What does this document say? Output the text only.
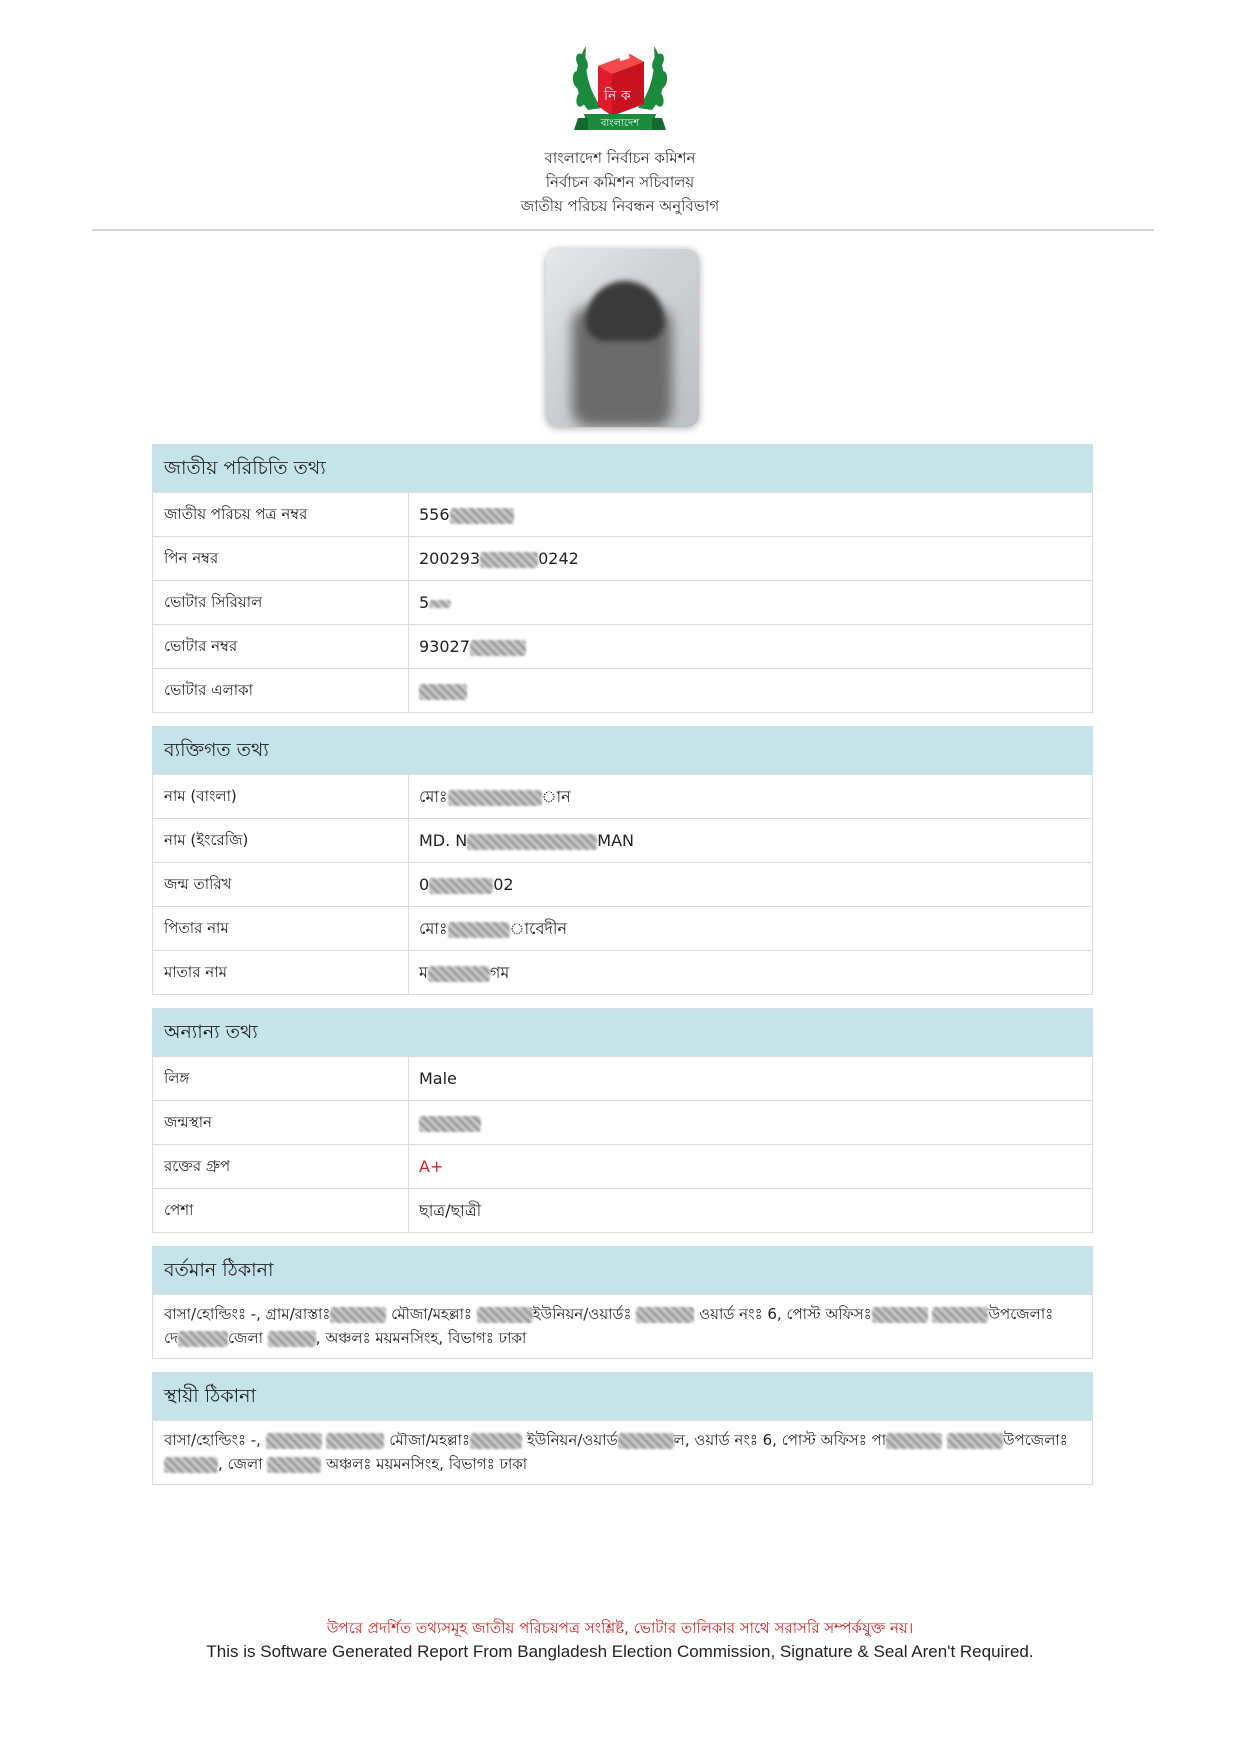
নি ক
বাংলাদেশ
বাংলাদেশ নির্বাচন কমিশন
নির্বাচন কমিশন সচিবালয়
জাতীয় পরিচয় নিবন্ধন অনুবিভাগ
জাতীয় পরিচিতি তথ্য
জাতীয় পরিচয় পত্র নম্বর	556
পিন নম্বর	200293	0242
ভোটার সিরিয়াল	5
ভোটার নম্বর	93027
ভোটার এলাকা
ব্যক্তিগত তথ্য
নাম (বাংলা)	মোঃ	ান
নাম (ইংরেজি)	MD. N	MAN
জন্ম তারিখ	0	02
পিতার নাম	মোঃ	াবেদীন
মাতার নাম	ম	গম
অন্যান্য তথ্য
লিঙ্গ	Male
জন্মস্থান
রক্তের গ্রুপ	A+
পেশা	ছাত্র/ছাত্রী
বর্তমান ঠিকানা
বাসা/হোল্ডিংঃ -, গ্রাম/রাস্তাঃ	মৌজা/মহল্লাঃ	ইউনিয়ন/ওয়ার্ডঃ	ওয়ার্ড নংঃ 6, পোস্ট অফিসঃ	উপজেলাঃ
দে	জেলা	, অঞ্চলঃ ময়মনসিংহ, বিভাগঃ ঢাকা
স্থায়ী ঠিকানা
বাসা/হোল্ডিংঃ -,	মৌজা/মহল্লাঃ	ইউনিয়ন/ওয়ার্ড	ল, ওয়ার্ড নংঃ 6, পোস্ট অফিসঃ পা	উপজেলাঃ
, জেলা	অঞ্চলঃ ময়মনসিংহ, বিভাগঃ ঢাকা
উপরে প্রদর্শিত তথ্যসমূহ জাতীয় পরিচয়পত্র সংশ্লিষ্ট, ভোটার তালিকার সাথে সরাসরি সম্পর্কযুক্ত নয়।
This is Software Generated Report From Bangladesh Election Commission, Signature & Seal Aren't Required.
